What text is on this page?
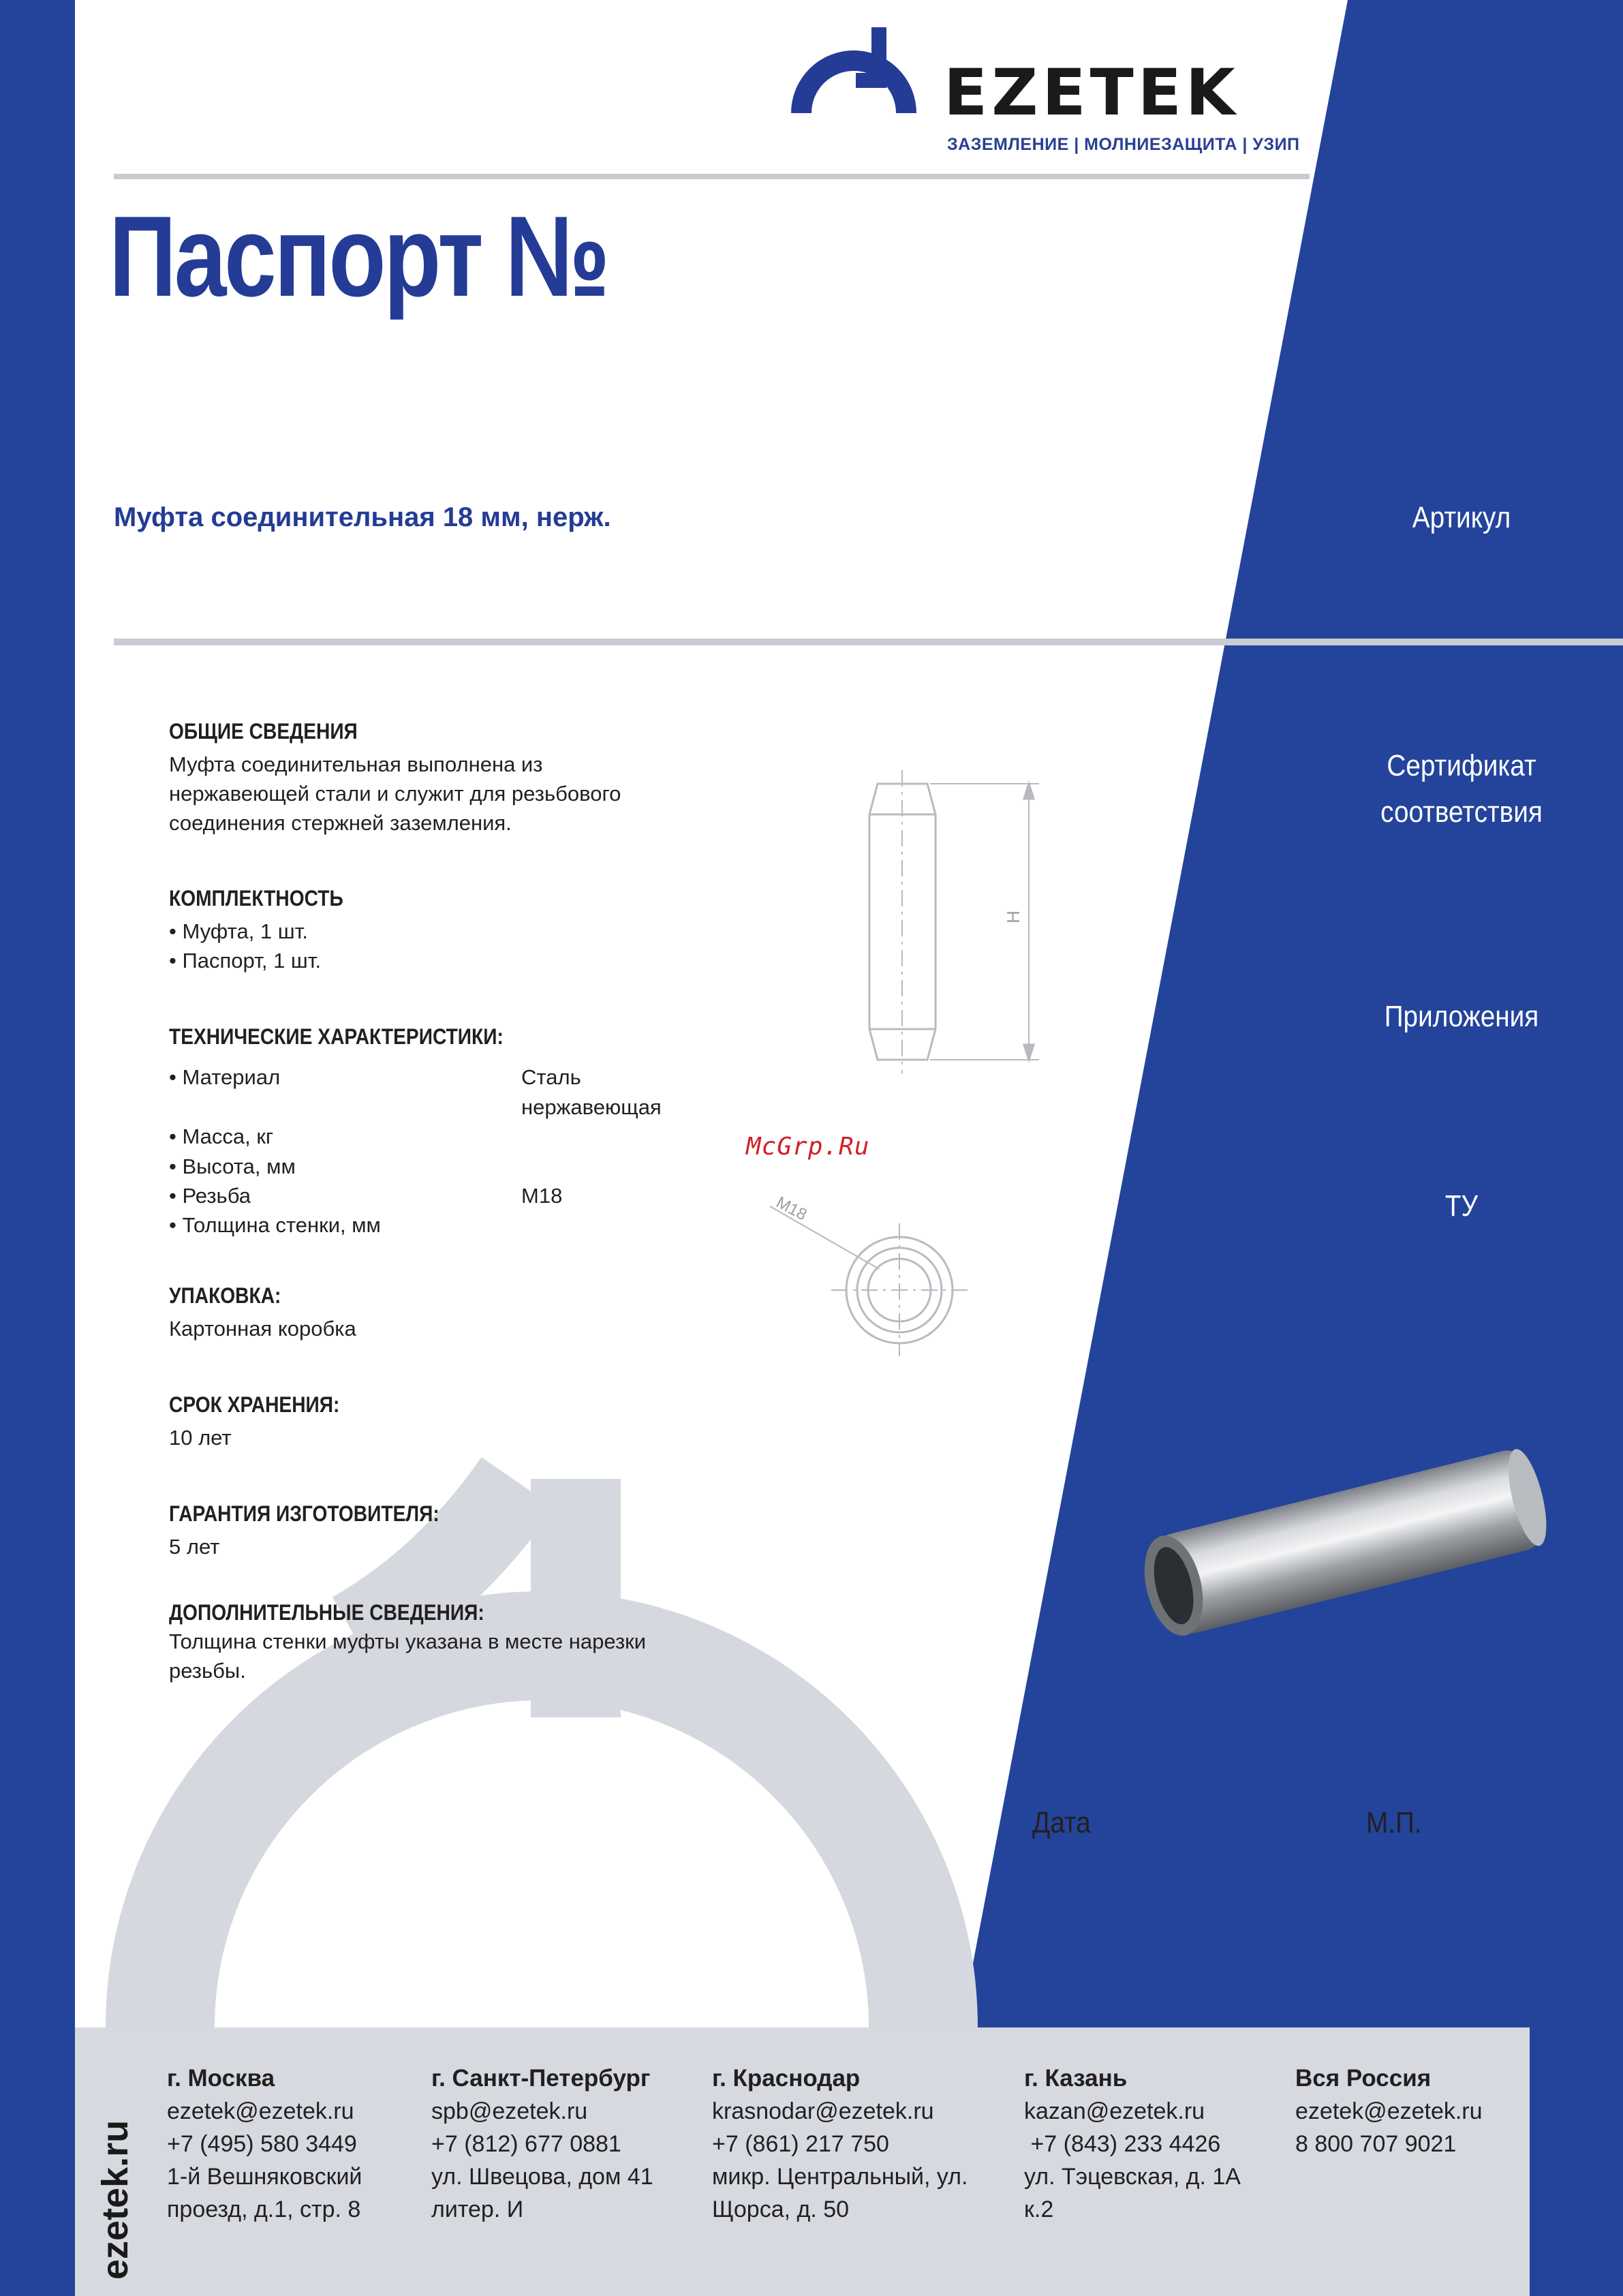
EZETEK
ЗАЗЕМЛЕНИЕ | МОЛНИЕЗАЩИТА | УЗИП
Паспорт №
Муфта соединительная 18 мм, нерж.	Артикул
Сертификат
соответствия
Приложения
ТУ
ОБЩИЕ СВЕДЕНИЯ
Муфта соединительная выполнена из
нержавеющей стали и служит для резьбового
соединения стержней заземления.
КОМПЛЕКТНОСТЬ
• Муфта, 1 шт.
• Паспорт, 1 шт.
ТЕХНИЧЕСКИЕ ХАРАКТЕРИСТИКИ:
• Материал	Сталь
нержавеющая
• Масса, кг
• Высота, мм
• Резьба	М18
• Толщина стенки, мм
УПАКОВКА:
Картонная коробка
СРОК ХРАНЕНИЯ:
10 лет
ГАРАНТИЯ ИЗГОТОВИТЕЛЯ:
5 лет
ДОПОЛНИТЕЛЬНЫЕ СВЕДЕНИЯ:
Толщина стенки муфты указана в месте нарезки
резьбы.
Н
М18
McGrp.Ru
Дата	М.П.
ezetek.ru
г. Москва
ezetek@ezetek.ru
+7 (495) 580 3449
1-й Вешняковский
проезд, д.1, стр. 8
г. Санкт-Петербург
spb@ezetek.ru
+7 (812) 677 0881
ул. Швецова, дом 41
литер. И
г. Краснодар
krasnodar@ezetek.ru
+7 (861) 217 750
микр. Центральный, ул.
Щорса, д. 50
г. Казань
kazan@ezetek.ru
+7 (843) 233 4426
ул. Тэцевская, д. 1А
к.2
Вся Россия
ezetek@ezetek.ru
8 800 707 9021
